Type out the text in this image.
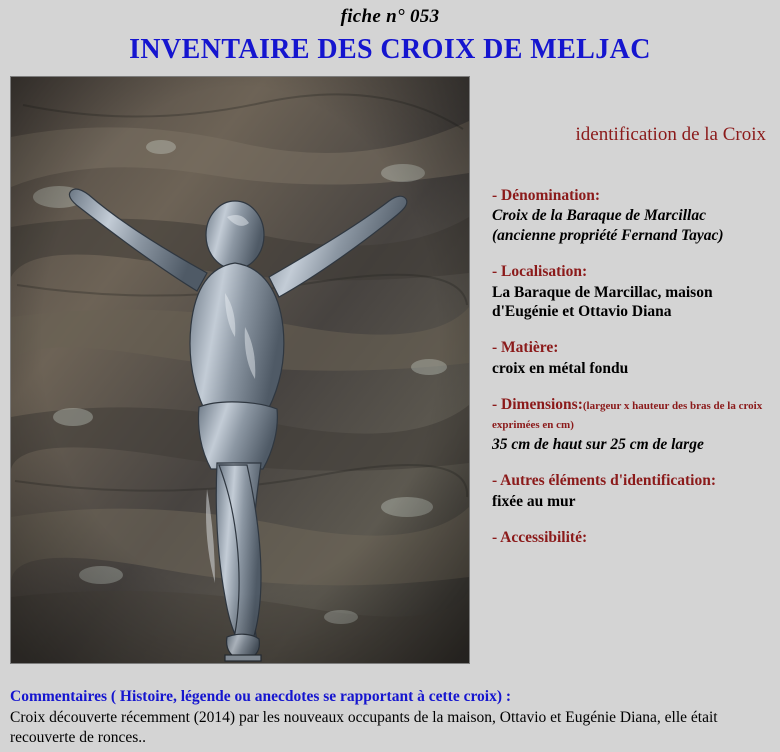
fiche n° 053
INVENTAIRE DES CROIX DE MELJAC
identification de la Croix
- Dénomination:
Croix de la Baraque de Marcillac (ancienne propriété Fernand Tayac)
- Localisation:
La Baraque de Marcillac, maison d'Eugénie et Ottavio Diana
- Matière:
croix en métal fondu
- Dimensions:(largeur x hauteur des bras de la croix exprimées en cm)
35 cm de haut sur 25 cm de large
- Autres éléments d'identification:
fixée au mur
- Accessibilité:
Commentaires ( Histoire, légende ou anecdotes se rapportant à cette croix) :
Croix découverte récemment (2014) par les nouveaux occupants de la maison, Ottavio et Eugénie Diana, elle était recouverte de ronces..
